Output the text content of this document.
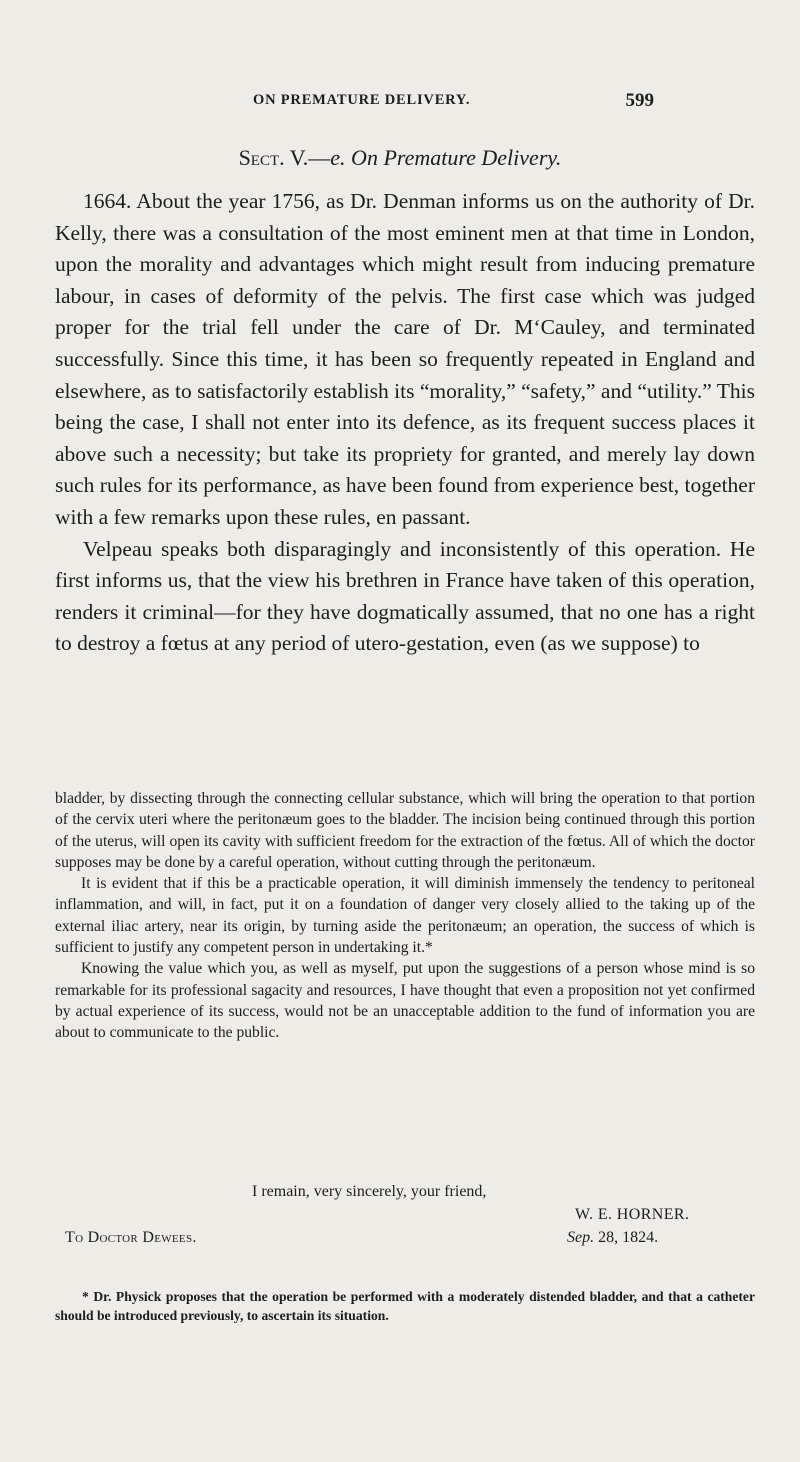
ON PREMATURE DELIVERY.	599
Sect. V.—e. On Premature Delivery.

1664. About the year 1756, as Dr. Denman informs us on the authority of Dr. Kelly, there was a consultation of the most eminent men at that time in London, upon the morality and advantages which might result from inducing premature labour, in cases of deformity of the pelvis. The first case which was judged proper for the trial fell under the care of Dr. M‘Cauley, and terminated successfully. Since this time, it has been so frequently repeated in England and elsewhere, as to satisfactorily establish its “morality,” “safety,” and “utility.” This being the case, I shall not enter into its defence, as its frequent success places it above such a necessity; but take its propriety for granted, and merely lay down such rules for its performance, as have been found from experience best, together with a few remarks upon these rules, en passant.

Velpeau speaks both disparagingly and inconsistently of this operation. He first informs us, that the view his brethren in France have taken of this operation, renders it criminal—for they have dogmatically assumed, that no one has a right to destroy a fœtus at any period of utero-gestation, even (as we suppose) to

bladder, by dissecting through the connecting cellular substance, which will bring the operation to that portion of the cervix uteri where the peritonæum goes to the bladder. The incision being continued through this portion of the uterus, will open its cavity with sufficient freedom for the extraction of the fœtus. All of which the doctor supposes may be done by a careful operation, without cutting through the peritonæum.

It is evident that if this be a practicable operation, it will diminish immensely the tendency to peritoneal inflammation, and will, in fact, put it on a foundation of danger very closely allied to the taking up of the external iliac artery, near its origin, by turning aside the peritonæum; an operation, the success of which is sufficient to justify any competent person in undertaking it.*

Knowing the value which you, as well as myself, put upon the suggestions of a person whose mind is so remarkable for its professional sagacity and resources, I have thought that even a proposition not yet confirmed by actual experience of its success, would not be an unacceptable addition to the fund of information you are about to communicate to the public.

I remain, very sincerely, your friend,
W. E. HORNER.
To Doctor Dewees.	Sep. 28, 1824.
* Dr. Physick proposes that the operation be performed with a moderately distended bladder, and that a catheter should be introduced previously, to ascertain its situation.
